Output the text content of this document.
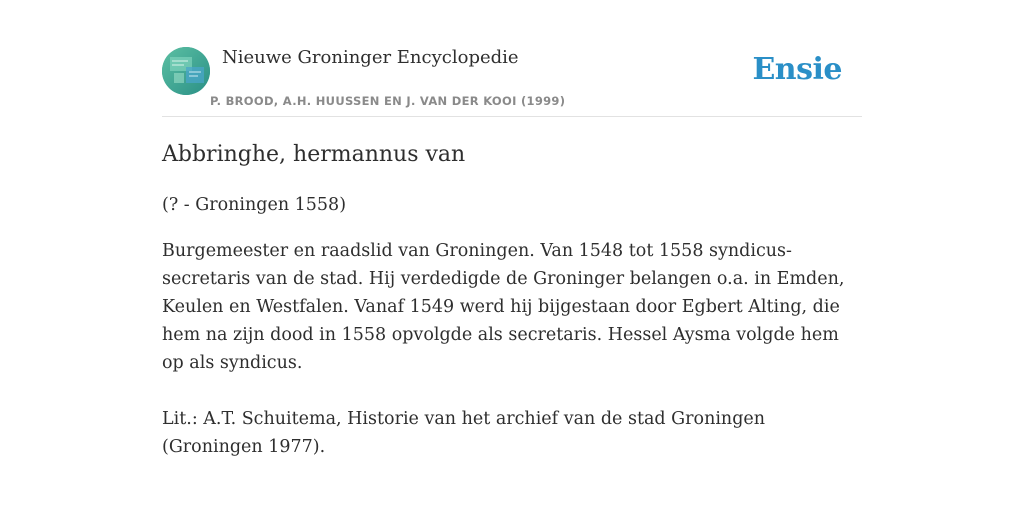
Nieuwe Groninger Encyclopedie
P. BROOD, A.H. HUUSSEN EN J. VAN DER KOOI (1999)
Ensie
Abbringhe, hermannus van
(? - Groningen 1558)

Burgemeester en raadslid van Groningen. Van 1548 tot 1558 syndicus-secretaris van de stad. Hij verdedigde de Groninger belangen o.a. in Emden, Keulen en Westfalen. Vanaf 1549 werd hij bijgestaan door Egbert Alting, die hem na zijn dood in 1558 opvolgde als secretaris. Hessel Aysma volgde hem op als syndicus.

Lit.: A.T. Schuitema, Historie van het archief van de stad Groningen (Groningen 1977).
